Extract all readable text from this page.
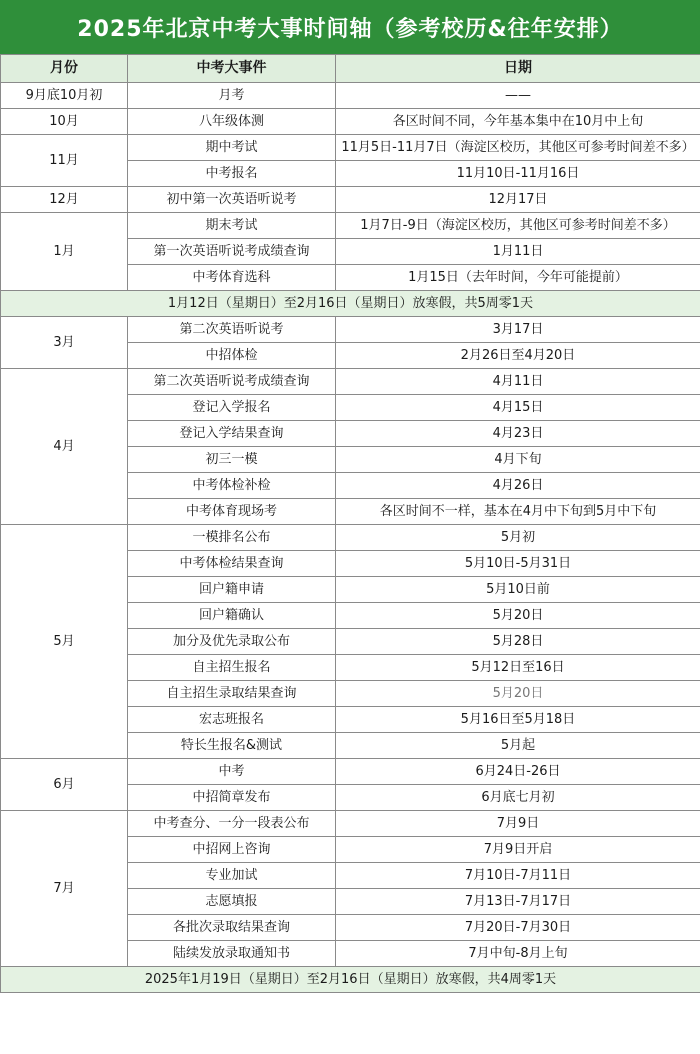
2025年北京中考大事时间轴（参考校历&往年安排）
月份	中考大事件	日期
9月底10月初	月考	——
10月	八年级体测	各区时间不同，今年基本集中在10月中上旬
11月	期中考试	11月5日-11月7日（海淀区校历，其他区可参考时间差不多）
	中考报名	11月10日-11月16日
12月	初中第一次英语听说考	12月17日
1月	期末考试	1月7日-9日（海淀区校历，其他区可参考时间差不多）
	第一次英语听说考成绩查询	1月11日
	中考体育选科	1月15日（去年时间，今年可能提前）
1月12日（星期日）至2月16日（星期日）放寒假，共5周零1天		
3月	第二次英语听说考	3月17日
	中招体检	2月26日至4月20日
4月	第二次英语听说考成绩查询	4月11日
	登记入学报名	4月15日
	登记入学结果查询	4月23日
	初三一模	4月下旬
	中考体检补检	4月26日
	中考体育现场考	各区时间不一样，基本在4月中下旬到5月中下旬
5月	一模排名公布	5月初
	中考体检结果查询	5月10日-5月31日
	回户籍申请	5月10日前
	回户籍确认	5月20日
	加分及优先录取公布	5月28日
	自主招生报名	5月12日至16日
	自主招生录取结果查询	5月20日
	宏志班报名	5月16日至5月18日
	特长生报名&测试	5月起
6月	中考	6月24日-26日
	中招简章发布	6月底七月初
7月	中考查分、一分一段表公布	7月9日
	中招网上咨询	7月9日开启
	专业加试	7月10日-7月11日
	志愿填报	7月13日-7月17日
	各批次录取结果查询	7月20日-7月30日
	陆续发放录取通知书	7月中旬-8月上旬
2025年1月19日（星期日）至2月16日（星期日）放寒假，共4周零1天		
